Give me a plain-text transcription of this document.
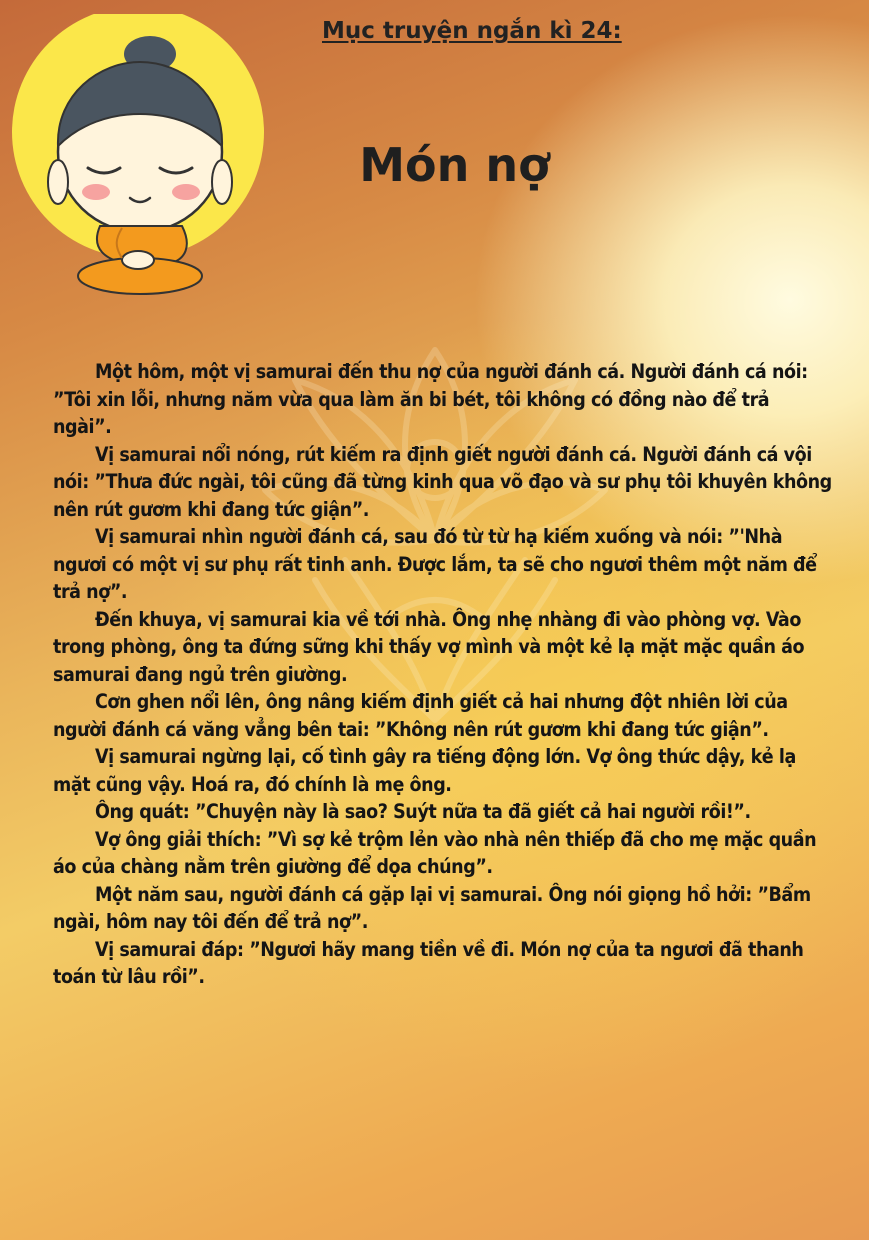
Mục truyện ngắn kì 24:
Món nợ

Một hôm, một vị samurai đến thu nợ của người đánh cá. Người đánh cá nói: ”Tôi xin lỗi, nhưng năm vừa qua làm ăn bi bét, tôi không có đồng nào để trả ngài”.

Vị samurai nổi nóng, rút kiếm ra định giết người đánh cá. Người đánh cá vội nói: ”Thưa đức ngài, tôi cũng đã từng kinh qua võ đạo và sư phụ tôi khuyên không nên rút gươm khi đang tức giận”.

Vị samurai nhìn người đánh cá, sau đó từ từ hạ kiếm xuống và nói: ”'Nhà ngươi có một vị sư phụ rất tinh anh. Được lắm, ta sẽ cho ngươi thêm một năm để trả nợ”.

Đến khuya, vị samurai kia về tới nhà. Ông nhẹ nhàng đi vào phòng vợ. Vào trong phòng, ông ta đứng sững khi thấy vợ mình và một kẻ lạ mặt mặc quần áo samurai đang ngủ trên giường.

Cơn ghen nổi lên, ông nâng kiếm định giết cả hai nhưng đột nhiên lời của người đánh cá văng vẳng bên tai: ”Không nên rút gươm khi đang tức giận”.

Vị samurai ngừng lại, cố tình gây ra tiếng động lớn. Vợ ông thức dậy, kẻ lạ mặt cũng vậy. Hoá ra, đó chính là mẹ ông.

Ông quát: ”Chuyện này là sao? Suýt nữa ta đã giết cả hai người rồi!”.

Vợ ông giải thích: ”Vì sợ kẻ trộm lẻn vào nhà nên thiếp đã cho mẹ mặc quần áo của chàng nằm trên giường để dọa chúng”.

Một năm sau, người đánh cá gặp lại vị samurai. Ông nói giọng hồ hởi: ”Bẩm ngài, hôm nay tôi đến để trả nợ”.

Vị samurai đáp: ”Ngươi hãy mang tiền về đi. Món nợ của ta ngươi đã thanh toán từ lâu rồi”.
